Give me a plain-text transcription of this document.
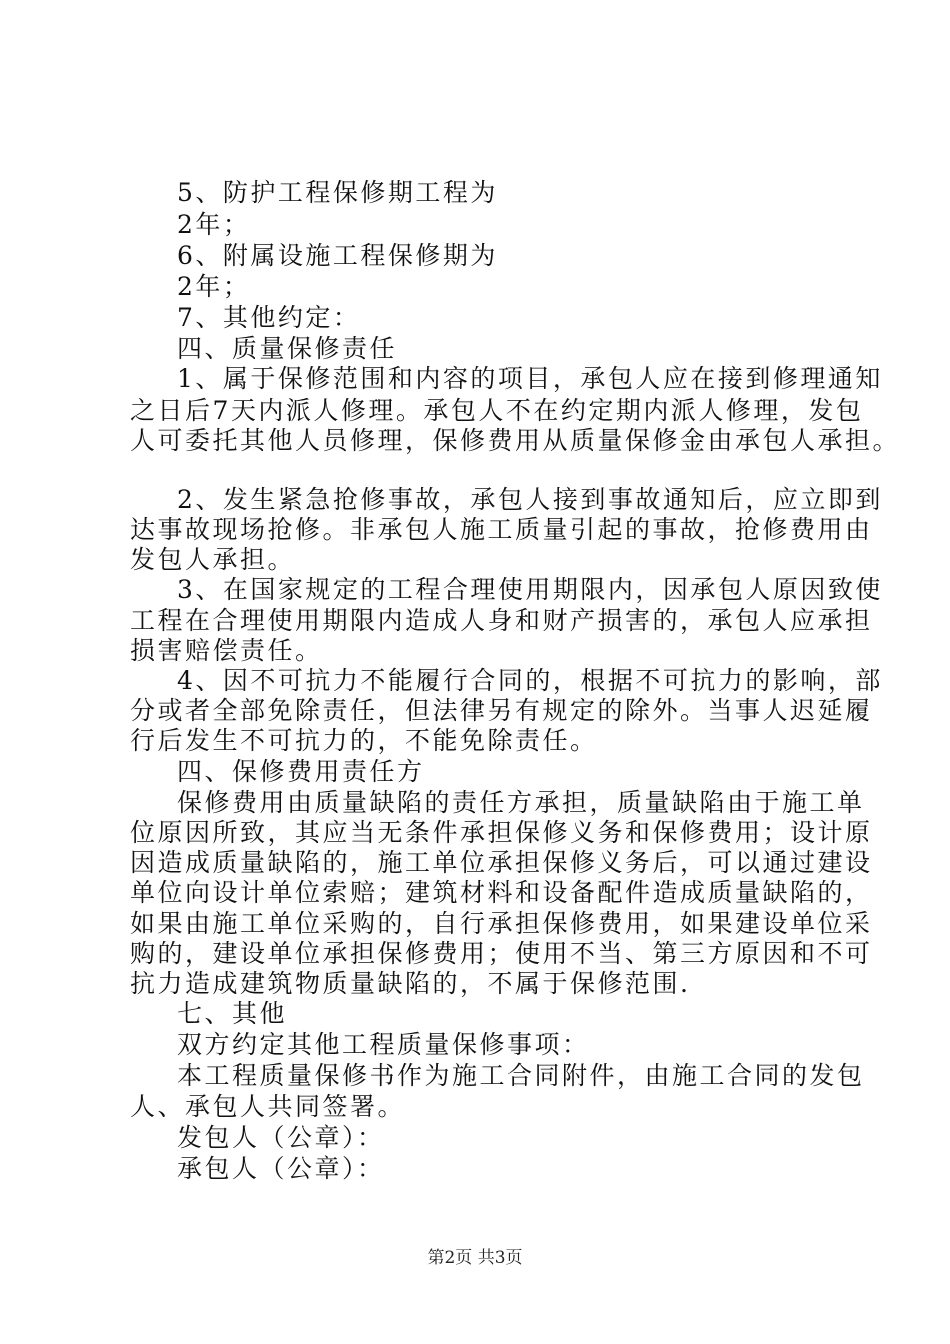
5、防护工程保修期工程为
2年；
6、附属设施工程保修期为
2年；
7、其他约定：
四、质量保修责任
1、属于保修范围和内容的项目，承包人应在接到修理通知
之日后7天内派人修理。承包人不在约定期内派人修理，发包
人可委托其他人员修理，保修费用从质量保修金由承包人承担。
2、发生紧急抢修事故，承包人接到事故通知后，应立即到
达事故现场抢修。非承包人施工质量引起的事故，抢修费用由
发包人承担。
3、在国家规定的工程合理使用期限内，因承包人原因致使
工程在合理使用期限内造成人身和财产损害的，承包人应承担
损害赔偿责任。
4、因不可抗力不能履行合同的，根据不可抗力的影响，部
分或者全部免除责任，但法律另有规定的除外。当事人迟延履
行后发生不可抗力的，不能免除责任。
四、保修费用责任方
保修费用由质量缺陷的责任方承担，质量缺陷由于施工单
位原因所致，其应当无条件承担保修义务和保修费用；设计原
因造成质量缺陷的，施工单位承担保修义务后，可以通过建设
单位向设计单位索赔；建筑材料和设备配件造成质量缺陷的，
如果由施工单位采购的，自行承担保修费用，如果建设单位采
购的，建设单位承担保修费用；使用不当、第三方原因和不可
抗力造成建筑物质量缺陷的，不属于保修范围.
七、其他
双方约定其他工程质量保修事项：
本工程质量保修书作为施工合同附件，由施工合同的发包
人、承包人共同签署。
发包人（公章）：
承包人（公章）：
第2页 共3页
